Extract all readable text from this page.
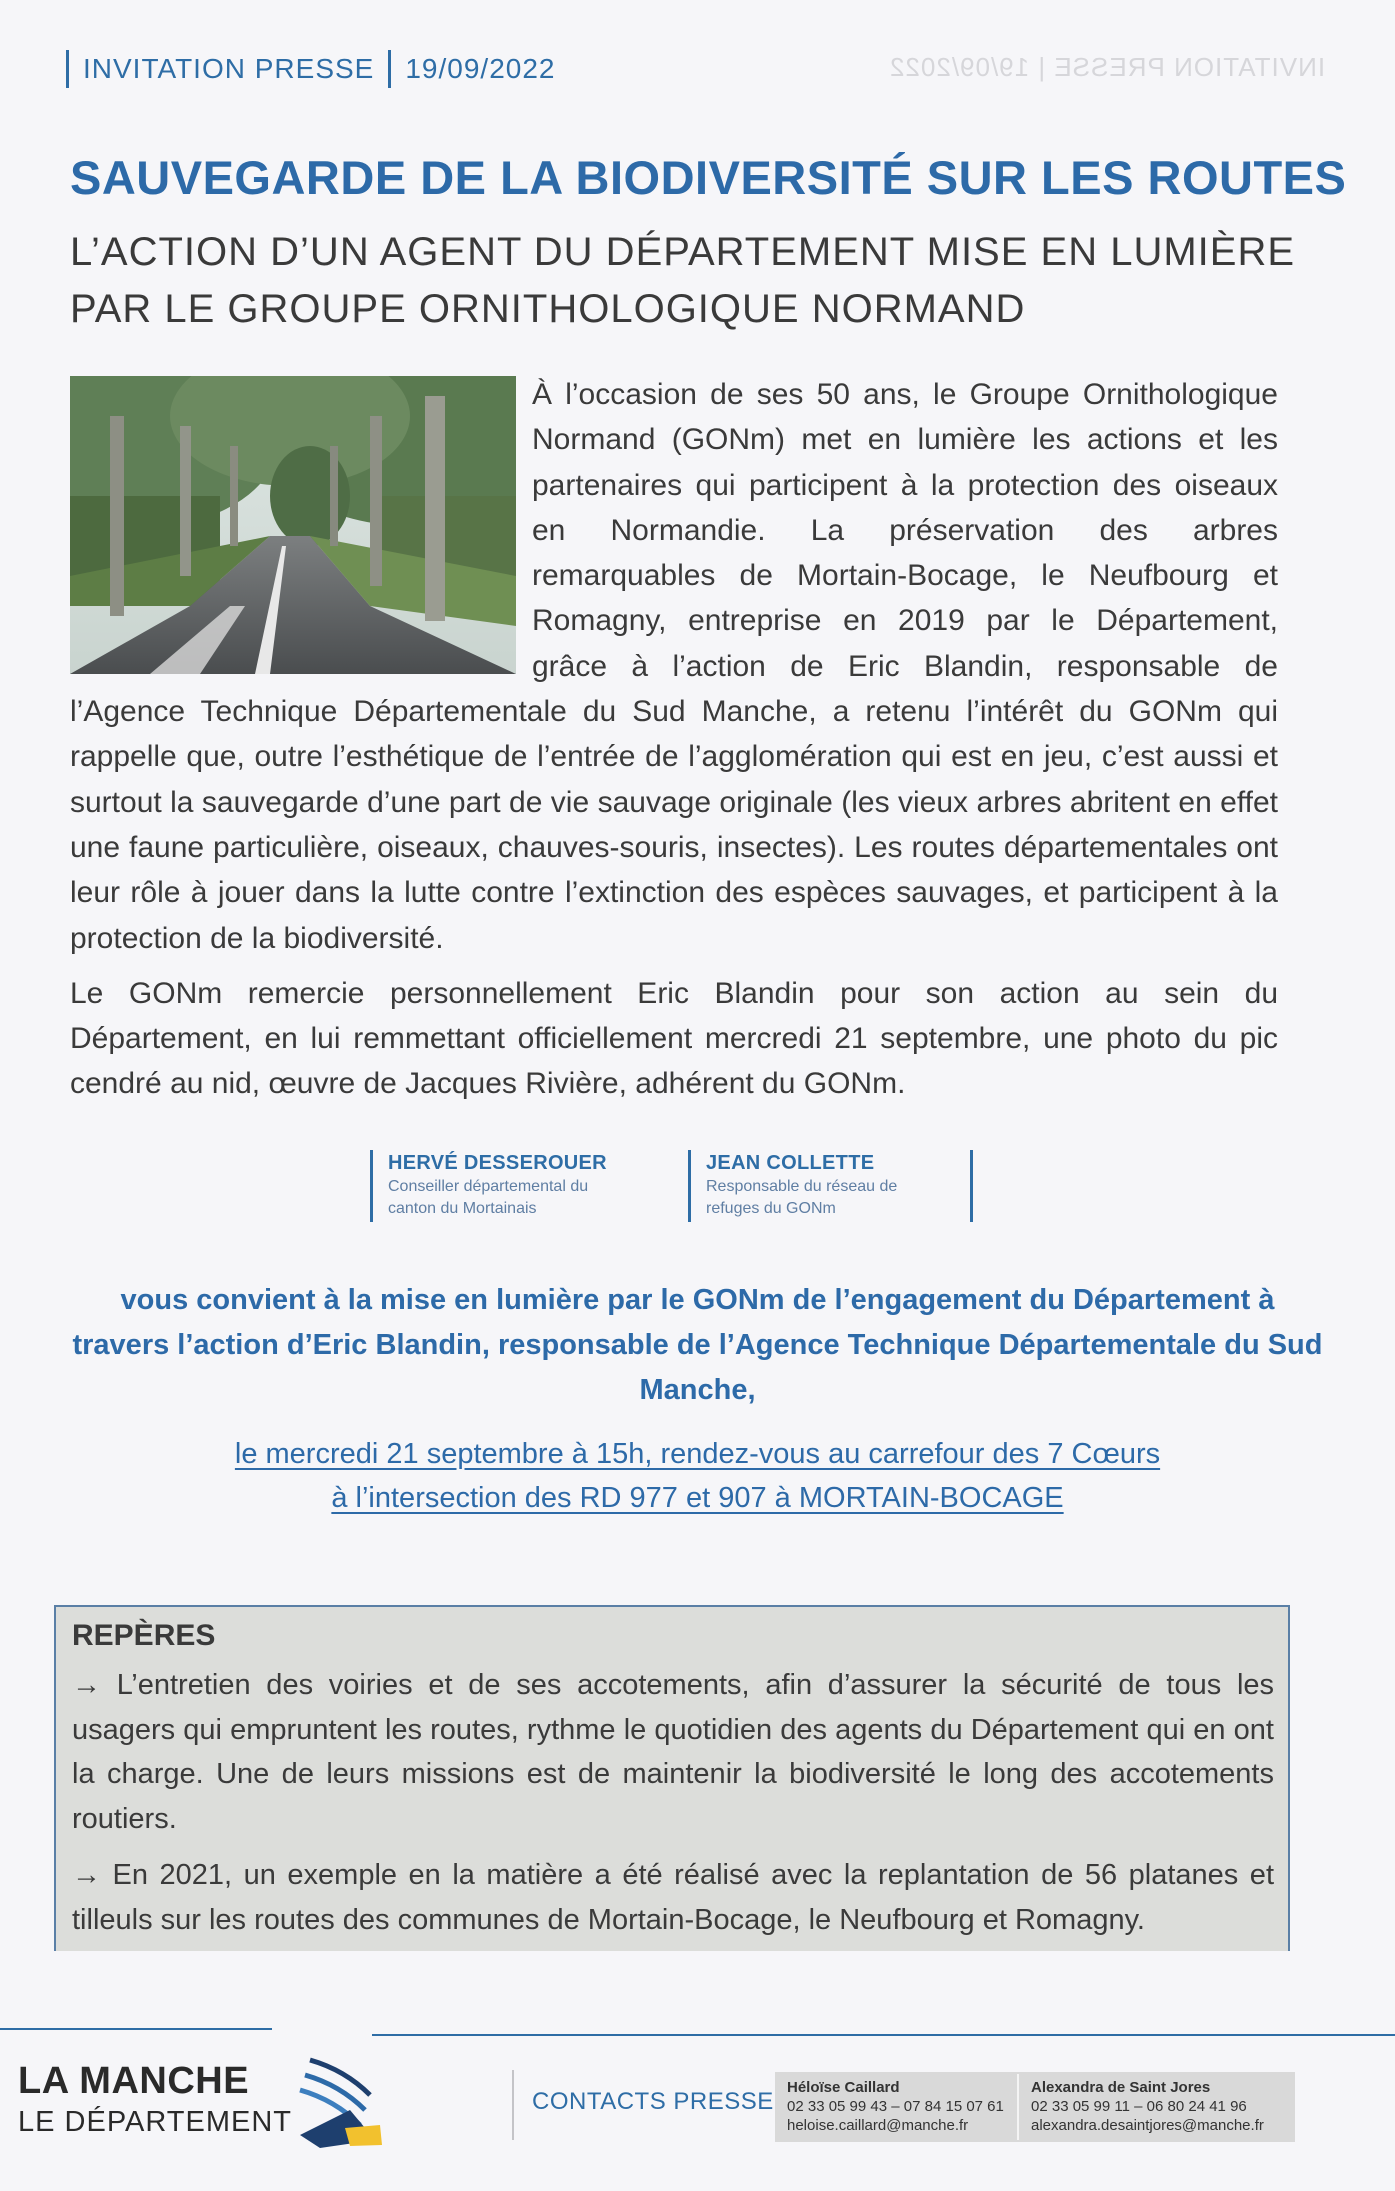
INVITATION PRESSE	19/09/2022	INVITATION PRESSE | 19/09/2022
SAUVEGARDE DE LA BIODIVERSITÉ SUR LES ROUTES
L’ACTION D’UN AGENT DU DÉPARTEMENT MISE EN LUMIÈRE PAR LE GROUPE ORNITHOLOGIQUE NORMAND

À l’occasion de ses 50 ans, le Groupe Ornithologique Normand (GONm) met en lumière les actions et les partenaires qui participent à la protection des oiseaux en Normandie. La préservation des arbres remarquables de Mortain-Bocage, le Neufbourg et Romagny, entreprise en 2019 par le Département, grâce à l’action de Eric Blandin, responsable de l’Agence Technique Départementale du Sud Manche, a retenu l’intérêt du GONm qui rappelle que, outre l’esthétique de l’entrée de l’agglomération qui est en jeu, c’est aussi et surtout la sauvegarde d’une part de vie sauvage originale (les vieux arbres abritent en effet une faune particulière, oiseaux, chauves-souris, insectes). Les routes départementales ont leur rôle à jouer dans la lutte contre l’extinction des espèces sauvages, et participent à la protection de la biodiversité.

Le GONm remercie personnellement Eric Blandin pour son action au sein du Département, en lui remmettant officiellement mercredi 21 septembre, une photo du pic cendré au nid, œuvre de Jacques Rivière, adhérent du GONm.

HERVÉ DESSEROUER
Conseiller départemental du
canton du Mortainais
JEAN COLLETTE
Responsable du réseau de
refuges du GONm
vous convient à la mise en lumière par le GONm de l’engagement du Département à travers l’action d’Eric Blandin, responsable de l’Agence Technique Départementale du Sud Manche,
le mercredi 21 septembre à 15h, rendez-vous au carrefour des 7 Cœurs
à l’intersection des RD 977 et 907 à MORTAIN-BOCAGE
REPÈRES

→ L’entretien des voiries et de ses accotements, afin d’assurer la sécurité de tous les usagers qui empruntent les routes, rythme le quotidien des agents du Département qui en ont la charge. Une de leurs missions est de maintenir la biodiversité le long des accotements routiers.

→ En 2021, un exemple en la matière a été réalisé avec la replantation de 56 platanes et tilleuls sur les routes des communes de Mortain-Bocage, le Neufbourg et Romagny.

LA MANCHE
LE DÉPARTEMENT
CONTACTS PRESSE
Héloïse Caillard
02 33 05 99 43 – 07 84 15 07 61
heloise.caillard@manche.fr
Alexandra de Saint Jores
02 33 05 99 11 – 06 80 24 41 96
alexandra.desaintjores@manche.fr
